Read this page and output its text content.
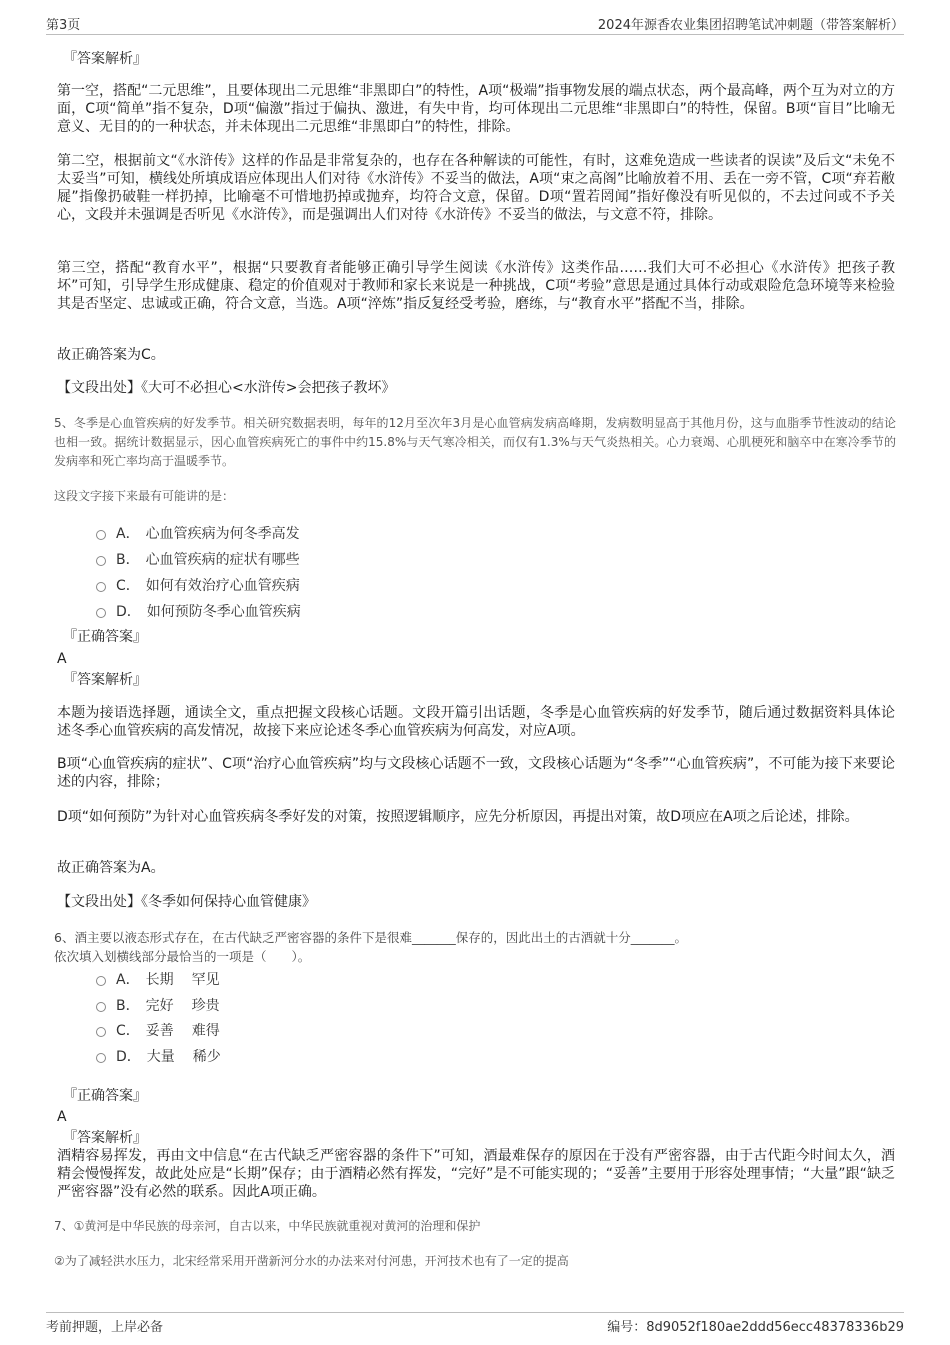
第3页	2024年源香农业集团招聘笔试冲刺题（带答案解析）

『答案解析』

第一空，搭配“二元思维”，且要体现出二元思维“非黑即白”的特性，A项“极端”指事物发展的端点状态，两个最高峰，两个互为对立的方面，C项“简单”指不复杂，D项“偏激”指过于偏执、激进，有失中肯，均可体现出二元思维“非黑即白”的特性，保留。B项“盲目”比喻无意义、无目的的一种状态，并未体现出二元思维“非黑即白”的特性，排除。

第二空，根据前文“《水浒传》这样的作品是非常复杂的，也存在各种解读的可能性，有时，这难免造成一些读者的误读”及后文“未免不太妥当”可知，横线处所填成语应体现出人们对待《水浒传》不妥当的做法，A项“束之高阁”比喻放着不用、丢在一旁不管，C项“弃若敝屣”指像扔破鞋一样扔掉，比喻毫不可惜地扔掉或抛弃，均符合文意，保留。D项“置若罔闻”指好像没有听见似的，不去过问或不予关心，文段并未强调是否听见《水浒传》，而是强调出人们对待《水浒传》不妥当的做法，与文意不符，排除。

第三空，搭配“教育水平”，根据“只要教育者能够正确引导学生阅读《水浒传》这类作品……我们大可不必担心《水浒传》把孩子教坏”可知，引导学生形成健康、稳定的价值观对于教师和家长来说是一种挑战，C项“考验”意思是通过具体行动或艰险危急环境等来检验其是否坚定、忠诚或正确，符合文意，当选。A项“淬炼”指反复经受考验，磨练，与“教育水平”搭配不当，排除。

故正确答案为C。

【文段出处】《大可不必担心<水浒传>会把孩子教坏》

5、冬季是心血管疾病的好发季节。相关研究数据表明，每年的12月至次年3月是心血管病发病高峰期，发病数明显高于其他月份，这与血脂季节性波动的结论也相一致。据统计数据显示，因心血管疾病死亡的事件中约15.8%与天气寒冷相关，而仅有1.3%与天气炎热相关。心力衰竭、心肌梗死和脑卒中在寒冷季节的发病率和死亡率均高于温暖季节。

这段文字接下来最有可能讲的是：

A． 心血管疾病为何冬季高发
B． 心血管疾病的症状有哪些
C． 如何有效治疗心血管疾病
D． 如何预防冬季心血管疾病

『正确答案』

A

『答案解析』

本题为接语选择题，通读全文，重点把握文段核心话题。文段开篇引出话题，冬季是心血管疾病的好发季节，随后通过数据资料具体论述冬季心血管疾病的高发情况，故接下来应论述冬季心血管疾病为何高发，对应A项。

B项“心血管疾病的症状”、C项“治疗心血管疾病”均与文段核心话题不一致，文段核心话题为“冬季”“心血管疾病”，不可能为接下来要论述的内容，排除；

D项“如何预防”为针对心血管疾病冬季好发的对策，按照逻辑顺序，应先分析原因，再提出对策，故D项应在A项之后论述，排除。

故正确答案为A。

【文段出处】《冬季如何保持心血管健康》

6、酒主要以液态形式存在，在古代缺乏严密容器的条件下是很难_______保存的，因此出土的古酒就十分_______。

依次填入划横线部分最恰当的一项是（　　）。

A． 长期 罕见
B． 完好 珍贵
C． 妥善 难得
D． 大量 稀少

『正确答案』

A

『答案解析』

酒精容易挥发，再由文中信息“在古代缺乏严密容器的条件下”可知，酒最难保存的原因在于没有严密容器，由于古代距今时间太久，酒精会慢慢挥发，故此处应是“长期”保存；由于酒精必然有挥发，“完好”是不可能实现的；“妥善”主要用于形容处理事情；“大量”跟“缺乏严密容器”没有必然的联系。因此A项正确。

7、①黄河是中华民族的母亲河，自古以来，中华民族就重视对黄河的治理和保护

②为了减轻洪水压力，北宋经常采用开凿新河分水的办法来对付河患，开河技术也有了一定的提高

考前押题，上岸必备	编号：8d9052f180ae2ddd56ecc48378336b29
